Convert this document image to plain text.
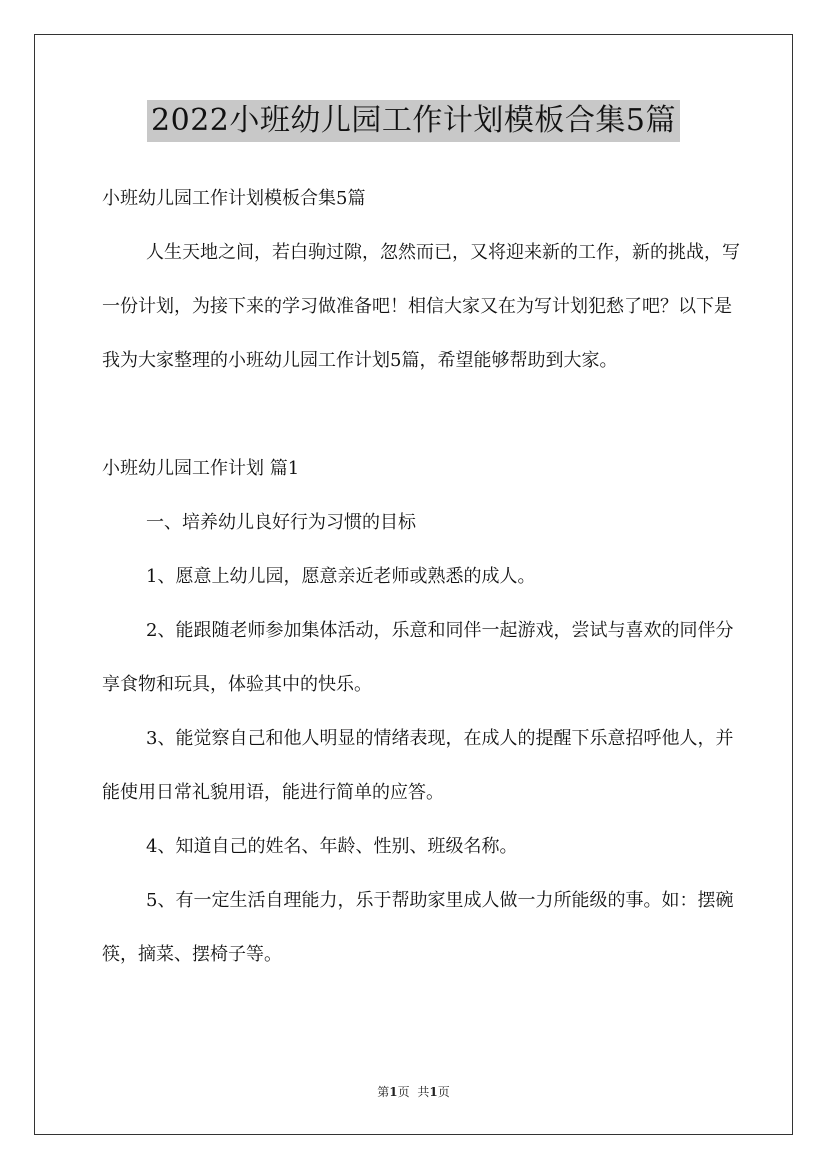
2022小班幼儿园工作计划模板合集5篇

小班幼儿园工作计划模板合集5篇

人生天地之间，若白驹过隙，忽然而已，又将迎来新的工作，新的挑战，写一份计划，为接下来的学习做准备吧！相信大家又在为写计划犯愁了吧？以下是我为大家整理的小班幼儿园工作计划5篇，希望能够帮助到大家。

小班幼儿园工作计划 篇1

一、培养幼儿良好行为习惯的目标

1、愿意上幼儿园，愿意亲近老师或熟悉的成人。

2、能跟随老师参加集体活动，乐意和同伴一起游戏，尝试与喜欢的同伴分享食物和玩具，体验其中的快乐。

3、能觉察自己和他人明显的情绪表现，在成人的提醒下乐意招呼他人，并能使用日常礼貌用语，能进行简单的应答。

4、知道自己的姓名、年龄、性别、班级名称。

5、有一定生活自理能力，乐于帮助家里成人做一力所能级的事。如：摆碗筷，摘菜、摆椅子等。

第1页 共1页
